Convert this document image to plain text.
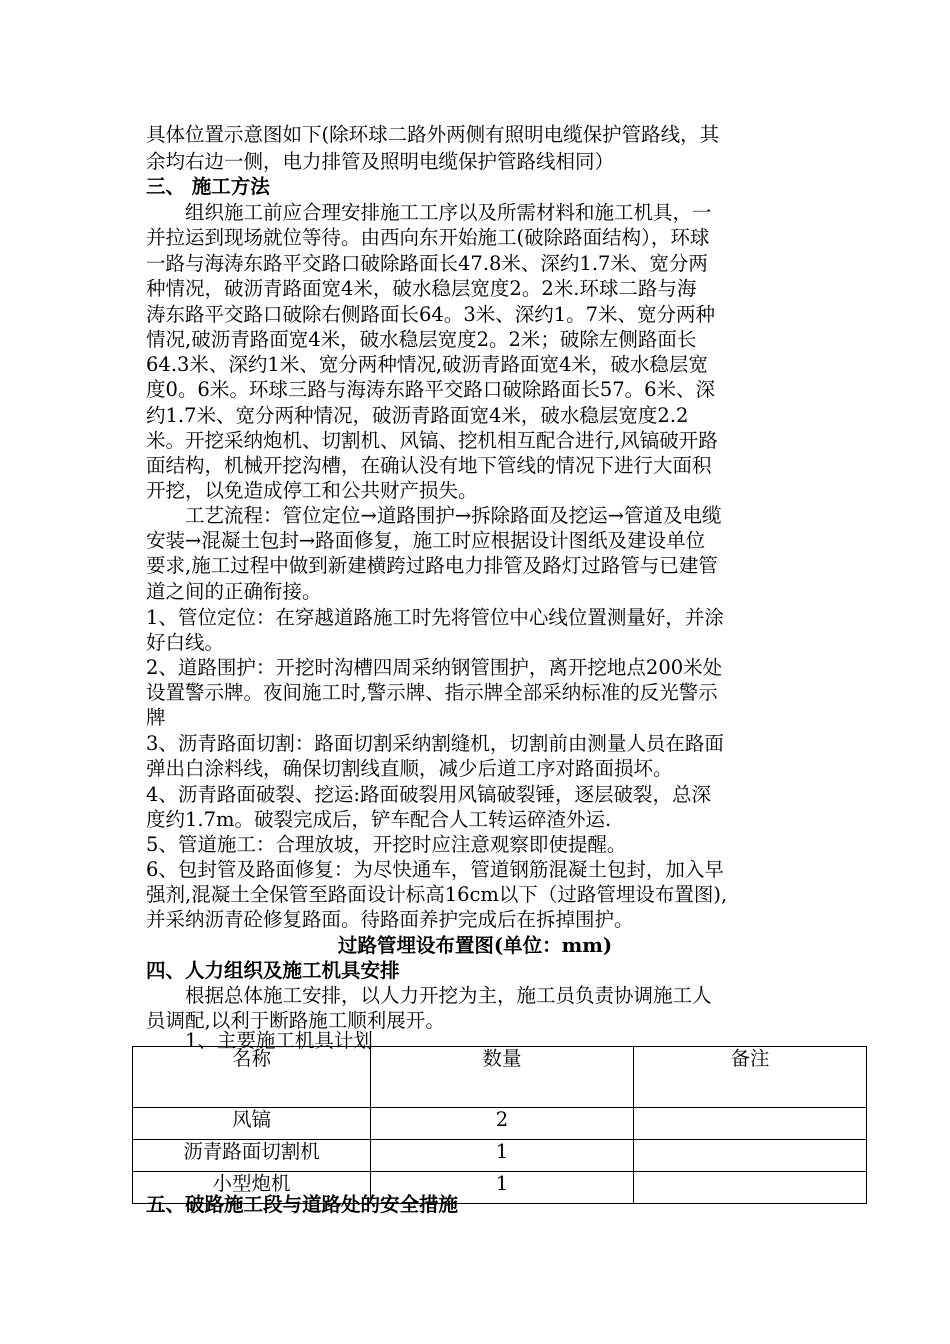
具体位置示意图如下(除环球二路外两侧有照明电缆保护管路线，其
余均右边一侧，电力排管及照明电缆保护管路线相同）
三、 施工方法
　　组织施工前应合理安排施工工序以及所需材料和施工机具，一
并拉运到现场就位等待。由西向东开始施工(破除路面结构），环球
一路与海涛东路平交路口破除路面长47.8米、深约1.7米、宽分两
种情况，破沥青路面宽4米，破水稳层宽度2。2米.环球二路与海
涛东路平交路口破除右侧路面长64。3米、深约1。7米、宽分两种
情况,破沥青路面宽4米，破水稳层宽度2。2米；破除左侧路面长
64.3米、深约1米、宽分两种情况,破沥青路面宽4米，破水稳层宽
度0。6米。环球三路与海涛东路平交路口破除路面长57。6米、深
约1.7米、宽分两种情况，破沥青路面宽4米，破水稳层宽度2.2
米。开挖采纳炮机、切割机、风镐、挖机相互配合进行,风镐破开路
面结构，机械开挖沟槽，在确认没有地下管线的情况下进行大面积
开挖，以免造成停工和公共财产损失。
　　工艺流程：管位定位→道路围护→拆除路面及挖运→管道及电缆
安装→混凝土包封→路面修复，施工时应根据设计图纸及建设单位
要求,施工过程中做到新建横跨过路电力排管及路灯过路管与已建管
道之间的正确衔接。
1、管位定位：在穿越道路施工时先将管位中心线位置测量好，并涂
好白线。
2、道路围护：开挖时沟槽四周采纳钢管围护，离开挖地点200米处
设置警示牌。夜间施工时,警示牌、指示牌全部采纳标准的反光警示
牌
3、沥青路面切割：路面切割采纳割缝机，切割前由测量人员在路面
弹出白涂料线，确保切割线直顺，减少后道工序对路面损坏。
4、沥青路面破裂、挖运:路面破裂用风镐破裂锤，逐层破裂，总深
度约1.7m。破裂完成后，铲车配合人工转运碎渣外运.
5、管道施工：合理放坡，开挖时应注意观察即使提醒。
6、包封管及路面修复：为尽快通车，管道钢筋混凝土包封，加入早
强剂,混凝土全保管至路面设计标高16cm以下（过路管埋设布置图),
并采纳沥青砼修复路面。待路面养护完成后在拆掉围护。
过路管埋设布置图(单位：mm)
四、人力组织及施工机具安排
　　根据总体施工安排，以人力开挖为主，施工员负责协调施工人
员调配,以利于断路施工顺利展开。
　　1、主要施工机具计划
名称	数量	备注
风镐	2	
沥青路面切割机	1	
小型炮机	1	
五、破路施工段与道路处的安全措施
